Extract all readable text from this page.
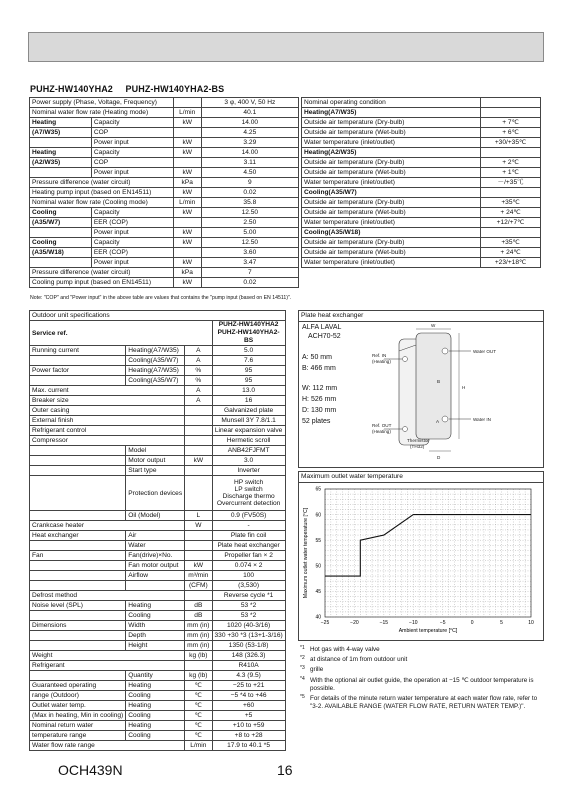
PUHZ-HW140YHA2 PUHZ-HW140YHA2-BS
Power supply (Phase, Voltage, Frequency)			3 φ, 400 V, 50 Hz
Nominal water flow rate (Heating mode)		L/min	40.1
Heating	Capacity	kW	14.00
(A7/W35)	COP		4.25
	Power input	kW	3.29
Heating	Capacity	kW	14.00
(A2/W35)	COP		3.11
	Power input	kW	4.50
Pressure difference (water circuit)		kPa	9
Heating pump input (based on EN14511)		kW	0.02
Nominal water flow rate (Cooling mode)		L/min	35.8
Cooling	Capacity	kW	12.50
(A35/W7)	EER (COP)		2.50
	Power input	kW	5.00
Cooling	Capacity	kW	12.50
(A35/W18)	EER (COP)		3.60
	Power input	kW	3.47
Pressure difference (water circuit)		kPa	7
Cooling pump input (based on EN14511)		kW	0.02
Nominal operating condition	
Heating(A7/W35)	
Outside air temperature (Dry-bulb)	+ 7℃
Outside air temperature (Wet-bulb)	+ 6℃
Water temperature (inlet/outlet)	+30/+35℃
Heating(A2/W35)	
Outside air temperature (Dry-bulb)	+ 2℃
Outside air temperature (Wet-bulb)	+ 1℃
Water temperature (inlet/outlet)	－/+35℃
Cooling(A35/W7)	
Outside air temperature (Dry-bulb)	+35℃
Outside air temperature (Wet-bulb)	+ 24℃
Water temperature (inlet/outlet)	+12/+7℃
Cooling(A35/W18)	
Outside air temperature (Dry-bulb)	+35℃
Outside air temperature (Wet-bulb)	+ 24℃
Water temperature (inlet/outlet)	+23/+18℃
Note: "COP" and "Power input" in the above table are values that contains the "pump input (based on EN 14511)".
Outdoor unit specifications			
Service ref.			PUHZ-HW140YHA2
PUHZ-HW140YHA2-BS
Running current	Heating(A7/W35)	A	5.0
	Cooling(A35/W7)	A	7.6
Power factor	Heating(A7/W35)	%	95
	Cooling(A35/W7)	%	95
Max. current		A	13.0
Breaker size		A	16
Outer casing			Galvanized plate
External finish			Munsell 3Y 7.8/1.1
Refrigerant control			Linear expansion valve
Compressor			Hermetic scroll
	Model		ANB42FJFMT
	Motor output	kW	3.0
	Start type		Inverter
	Protection devices		HP switch
LP switch
Discharge thermo
Overcurrent detection
	Oil (Model)	L	0.9 (FV50S)
Crankcase heater		W	-
Heat exchanger	Air		Plate fin coil
	Water		Plate heat exchanger
Fan	Fan(drive)×No.		Propeller fan × 2
	Fan motor output	kW	0.074 × 2
	Airflow	m³/min	100
		(CFM)	(3,530)
Defrost method			Reverse cycle *1
Noise level (SPL)	Heating	dB	53 *2
	Cooling	dB	53 *2
Dimensions	Width	mm (in)	1020 (40-3/16)
	Depth	mm (in)	330 +30 *3 (13+1-3/16)
	Height	mm (in)	1350 (53-1/8)
Weight		kg (lb)	148 (326.3)
Refrigerant			R410A
	Quantity	kg (lb)	4.3 (9.5)
Guaranteed operating	Heating	℃	−25 to +21
range (Outdoor)	Cooling	℃	−5 *4 to +46
Outlet water temp.	Heating	℃	+60
(Max in heating, Min in cooling)	Cooling	℃	+5
Nominal return water	Heating	℃	+10 to +59
temperature range	Cooling	℃	+8 to +28
Water flow rate range		L/min	17.9 to 40.1 *5
Plate heat exchanger
ALFA LAVAL
ACH70-52
A: 50 mm
B: 466 mm
W: 112 mm
H: 526 mm
D: 130 mm
52 plates
W
H
D
A
B
Ref. IN
(Heating)
Ref. OUT
(Heating)
Water OUT
Water IN
Thermistor
(TH32)
Maximum outlet water temperature
−25	−20	−15	−10	−5	0	5	10
40
45
50
55
60
65
Ambient temperature [°C]
Maximum outlet water temperature [°C]
*1 Hot gas with 4-way valve
*2 at distance of 1m from outdoor unit
*3 grille
*4 With the optional air outlet guide, the operation at −15 ℃ outdoor temperature is possible.
*5 For details of the minute return water temperature at each water flow rate, refer to "3-2. AVAILABLE RANGE (WATER FLOW RATE, RETURN WATER TEMP.)".
OCH439N	16
